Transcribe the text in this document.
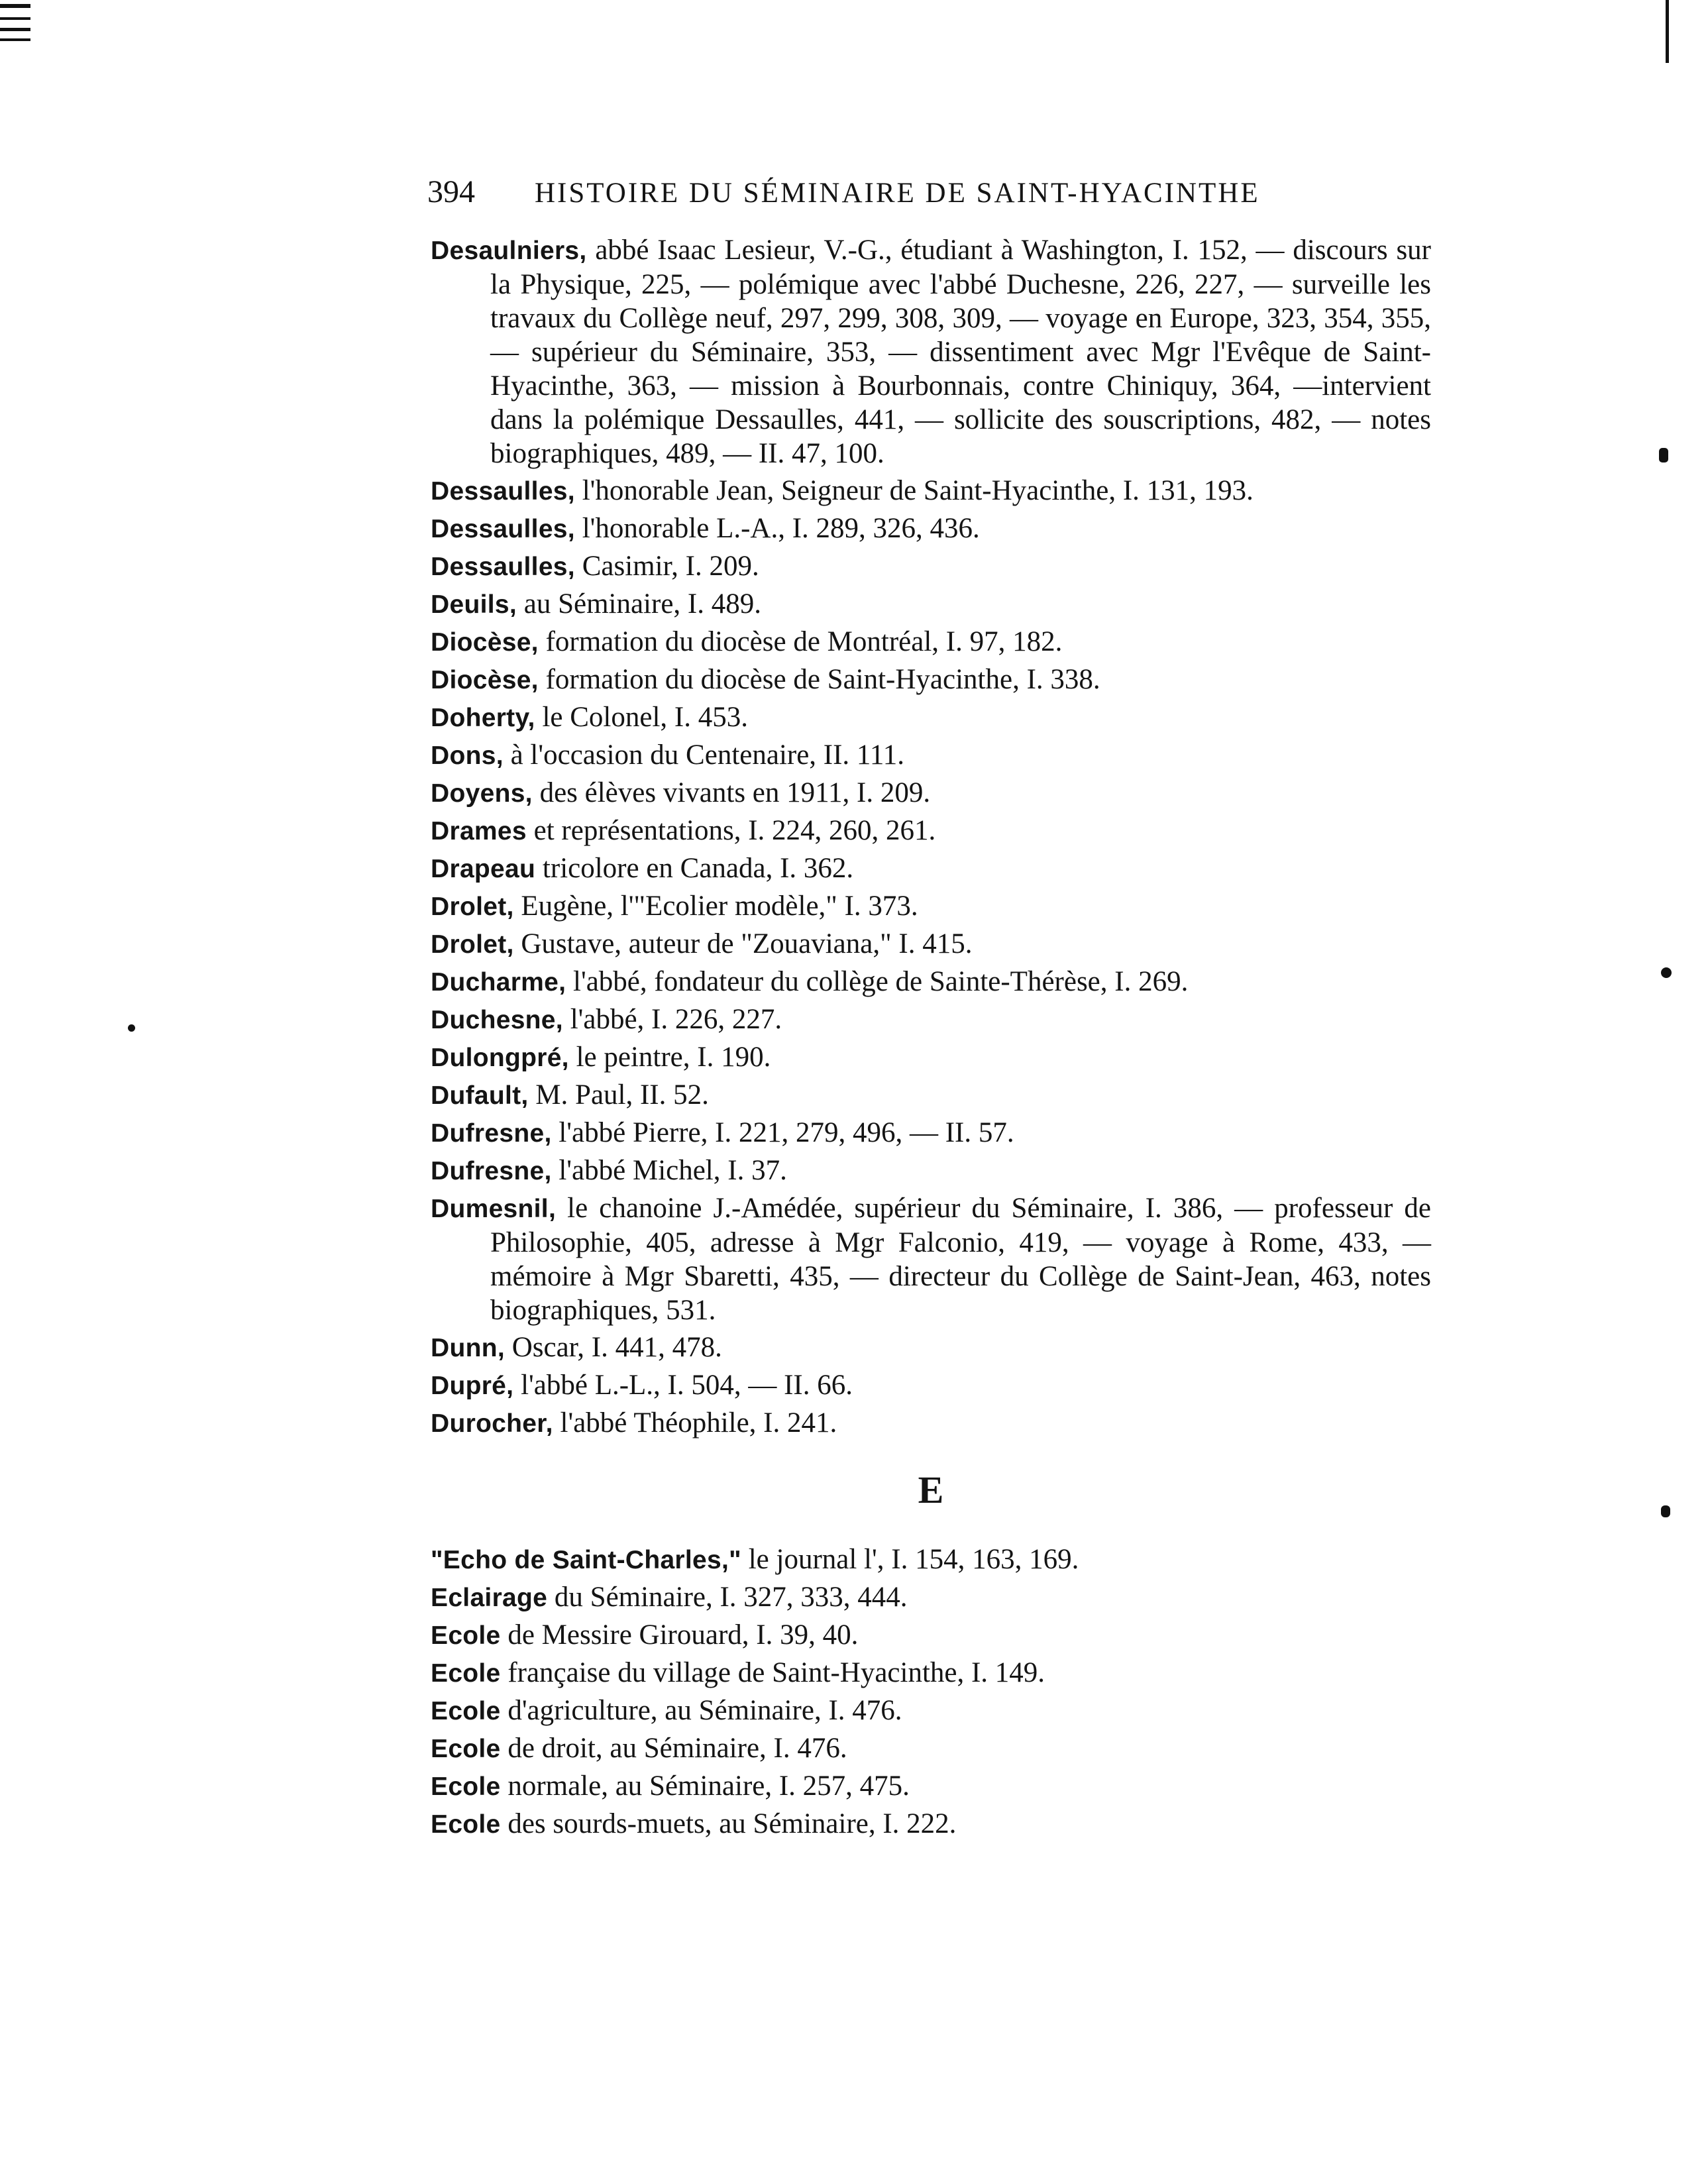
394 HISTOIRE DU SÉMINAIRE DE SAINT-HYACINTHE

Desaulniers, abbé Isaac Lesieur, V.-G., étudiant à Washington, I. 152, — discours sur la Physique, 225, — polémique avec l'abbé Duchesne, 226, 227, — surveille les travaux du Collège neuf, 297, 299, 308, 309, — voyage en Europe, 323, 354, 355, — supérieur du Séminaire, 353, — dissentiment avec Mgr l'Evêque de Saint-Hyacinthe, 363, — mission à Bourbonnais, contre Chiniquy, 364, —intervient dans la polémique Dessaulles, 441, — sollicite des souscriptions, 482, — notes biographiques, 489, — II. 47, 100.

Dessaulles, l'honorable Jean, Seigneur de Saint-Hyacinthe, I. 131, 193.

Dessaulles, l'honorable L.-A., I. 289, 326, 436.

Dessaulles, Casimir, I. 209.

Deuils, au Séminaire, I. 489.

Diocèse, formation du diocèse de Montréal, I. 97, 182.

Diocèse, formation du diocèse de Saint-Hyacinthe, I. 338.

Doherty, le Colonel, I. 453.

Dons, à l'occasion du Centenaire, II. 111.

Doyens, des élèves vivants en 1911, I. 209.

Drames et représentations, I. 224, 260, 261.

Drapeau tricolore en Canada, I. 362.

Drolet, Eugène, l'"Ecolier modèle," I. 373.

Drolet, Gustave, auteur de "Zouaviana," I. 415.

Ducharme, l'abbé, fondateur du collège de Sainte-Thérèse, I. 269.

Duchesne, l'abbé, I. 226, 227.

Dulongpré, le peintre, I. 190.

Dufault, M. Paul, II. 52.

Dufresne, l'abbé Pierre, I. 221, 279, 496, — II. 57.

Dufresne, l'abbé Michel, I. 37.

Dumesnil, le chanoine J.-Amédée, supérieur du Séminaire, I. 386, — professeur de Philosophie, 405, adresse à Mgr Falconio, 419, — voyage à Rome, 433, — mémoire à Mgr Sbaretti, 435, — directeur du Collège de Saint-Jean, 463, notes biographiques, 531.

Dunn, Oscar, I. 441, 478.

Dupré, l'abbé L.-L., I. 504, — II. 66.

Durocher, l'abbé Théophile, I. 241.

E

"Echo de Saint-Charles," le journal l', I. 154, 163, 169.

Eclairage du Séminaire, I. 327, 333, 444.

Ecole de Messire Girouard, I. 39, 40.

Ecole française du village de Saint-Hyacinthe, I. 149.

Ecole d'agriculture, au Séminaire, I. 476.

Ecole de droit, au Séminaire, I. 476.

Ecole normale, au Séminaire, I. 257, 475.

Ecole des sourds-muets, au Séminaire, I. 222.
